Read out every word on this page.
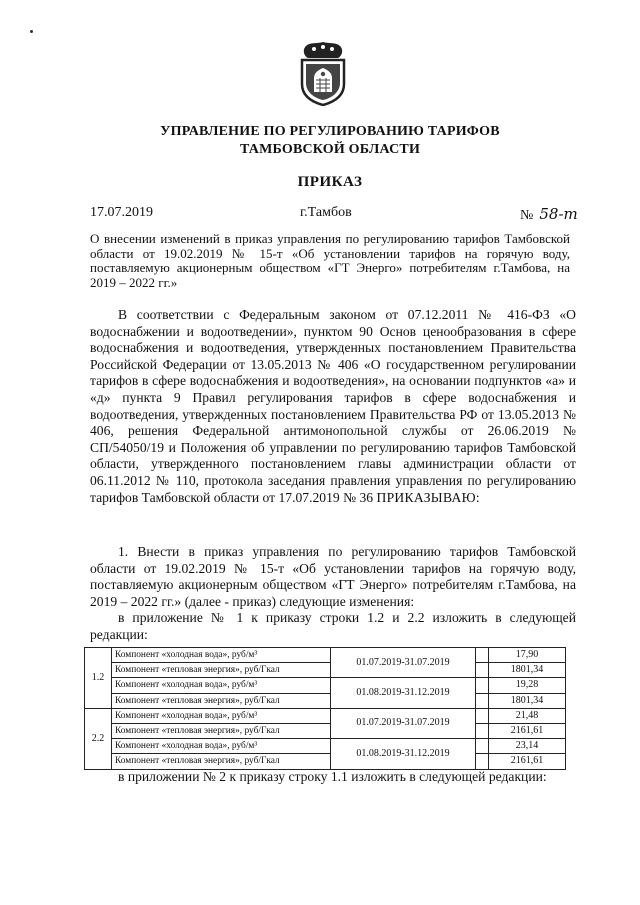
УПРАВЛЕНИЕ ПО РЕГУЛИРОВАНИЮ ТАРИФОВ
ТАМБОВСКОЙ ОБЛАСТИ
ПРИКАЗ
17.07.2019	г.Тамбов	№ 58-т
О внесении изменений в приказ управления по регулированию тарифов Тамбовской области от 19.02.2019 № 15-т «Об установлении тарифов на горячую воду, поставляемую акционерным обществом «ГТ Энерго» потребителям г.Тамбова, на 2019 – 2022 гг.»
В соответствии с Федеральным законом от 07.12.2011 № 416-ФЗ «О водоснабжении и водоотведении», пунктом 90 Основ ценообразования в сфере водоснабжения и водоотведения, утвержденных постановлением Правительства Российской Федерации от 13.05.2013 № 406 «О государственном регулировании тарифов в сфере водоснабжения и водоотведения», на основании подпунктов «а» и «д» пункта 9 Правил регулирования тарифов в сфере водоснабжения и водоотведения, утвержденных постановлением Правительства РФ от 13.05.2013 № 406, решения Федеральной антимонопольной службы от 26.06.2019 № СП/54050/19 и Положения об управлении по регулированию тарифов Тамбовской области, утвержденного постановлением главы администрации области от 06.11.2012 № 110, протокола заседания правления управления по регулированию тарифов Тамбовской области от 17.07.2019 № 36 ПРИКАЗЫВАЮ:
1. Внести в приказ управления по регулированию тарифов Тамбовской области от 19.02.2019 № 15-т «Об установлении тарифов на горячую воду, поставляемую акционерным обществом «ГТ Энерго» потребителям г.Тамбова, на 2019 – 2022 гг.» (далее - приказ) следующие изменения:
в приложение № 1 к приказу строки 1.2 и 2.2 изложить в следующей редакции:
1.2	Компонент «холодная вода», руб/м³	01.07.2019-31.07.2019		17,90
	Компонент «тепловая энергия», руб/Гкал			1801,34
	Компонент «холодная вода», руб/м³	01.08.2019-31.12.2019		19,28
	Компонент «тепловая энергия», руб/Гкал			1801,34
2.2	Компонент «холодная вода», руб/м³	01.07.2019-31.07.2019		21,48
	Компонент «тепловая энергия», руб/Гкал			2161,61
	Компонент «холодная вода», руб/м³	01.08.2019-31.12.2019		23,14
	Компонент «тепловая энергия», руб/Гкал			2161,61
в приложении № 2 к приказу строку 1.1 изложить в следующей редакции:
